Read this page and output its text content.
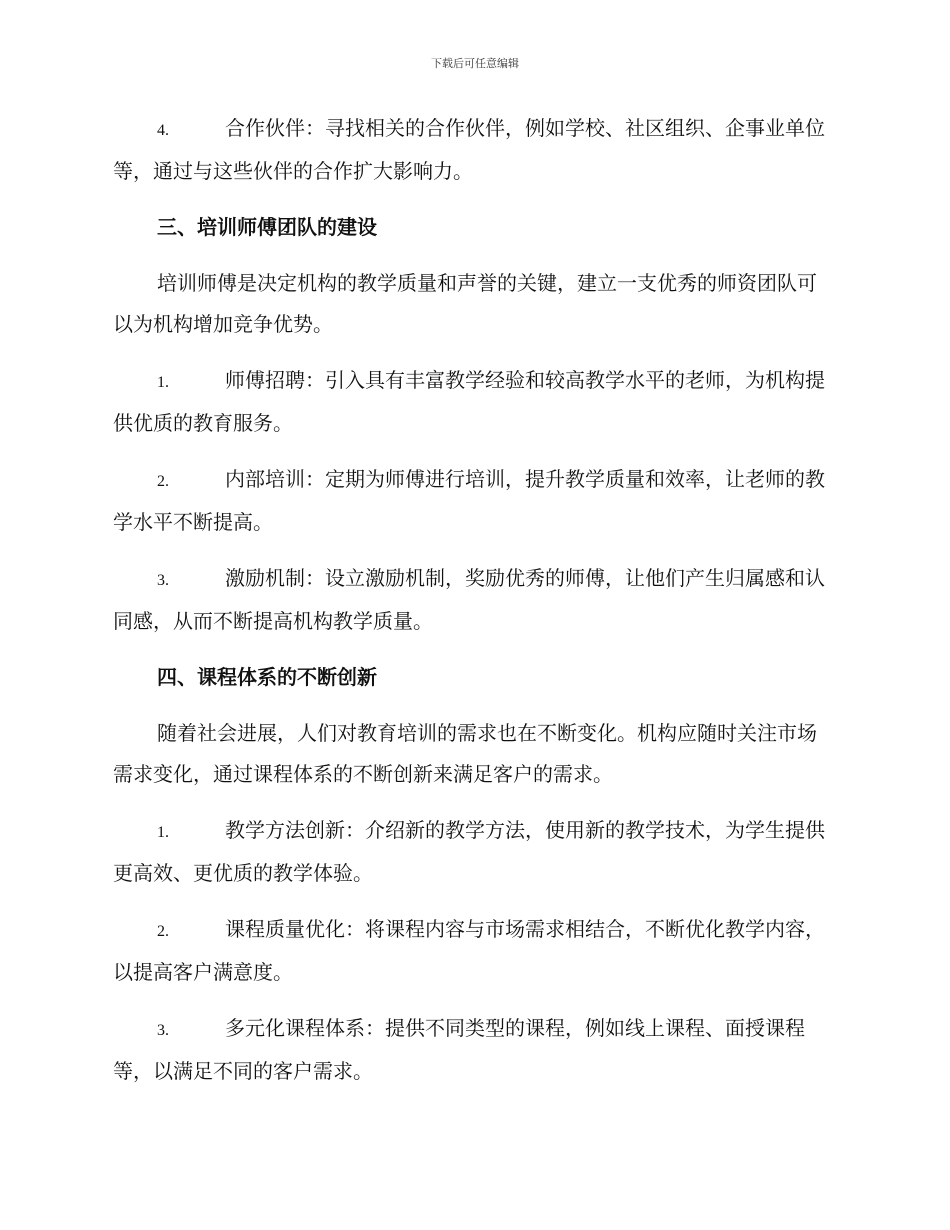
下载后可任意编辑

4.	合作伙伴：寻找相关的合作伙伴，例如学校、社区组织、企事业单位等，通过与这些伙伴的合作扩大影响力。

三、培训师傅团队的建设

培训师傅是决定机构的教学质量和声誉的关键，建立一支优秀的师资团队可以为机构增加竞争优势。

1.	师傅招聘：引入具有丰富教学经验和较高教学水平的老师，为机构提供优质的教育服务。

2.	内部培训：定期为师傅进行培训，提升教学质量和效率，让老师的教学水平不断提高。

3.	激励机制：设立激励机制，奖励优秀的师傅，让他们产生归属感和认同感，从而不断提高机构教学质量。

四、课程体系的不断创新

随着社会进展，人们对教育培训的需求也在不断变化。机构应随时关注市场需求变化，通过课程体系的不断创新来满足客户的需求。

1.	教学方法创新：介绍新的教学方法，使用新的教学技术，为学生提供更高效、更优质的教学体验。

2.	课程质量优化：将课程内容与市场需求相结合，不断优化教学内容，以提高客户满意度。

3.	多元化课程体系：提供不同类型的课程，例如线上课程、面授课程等，以满足不同的客户需求。
